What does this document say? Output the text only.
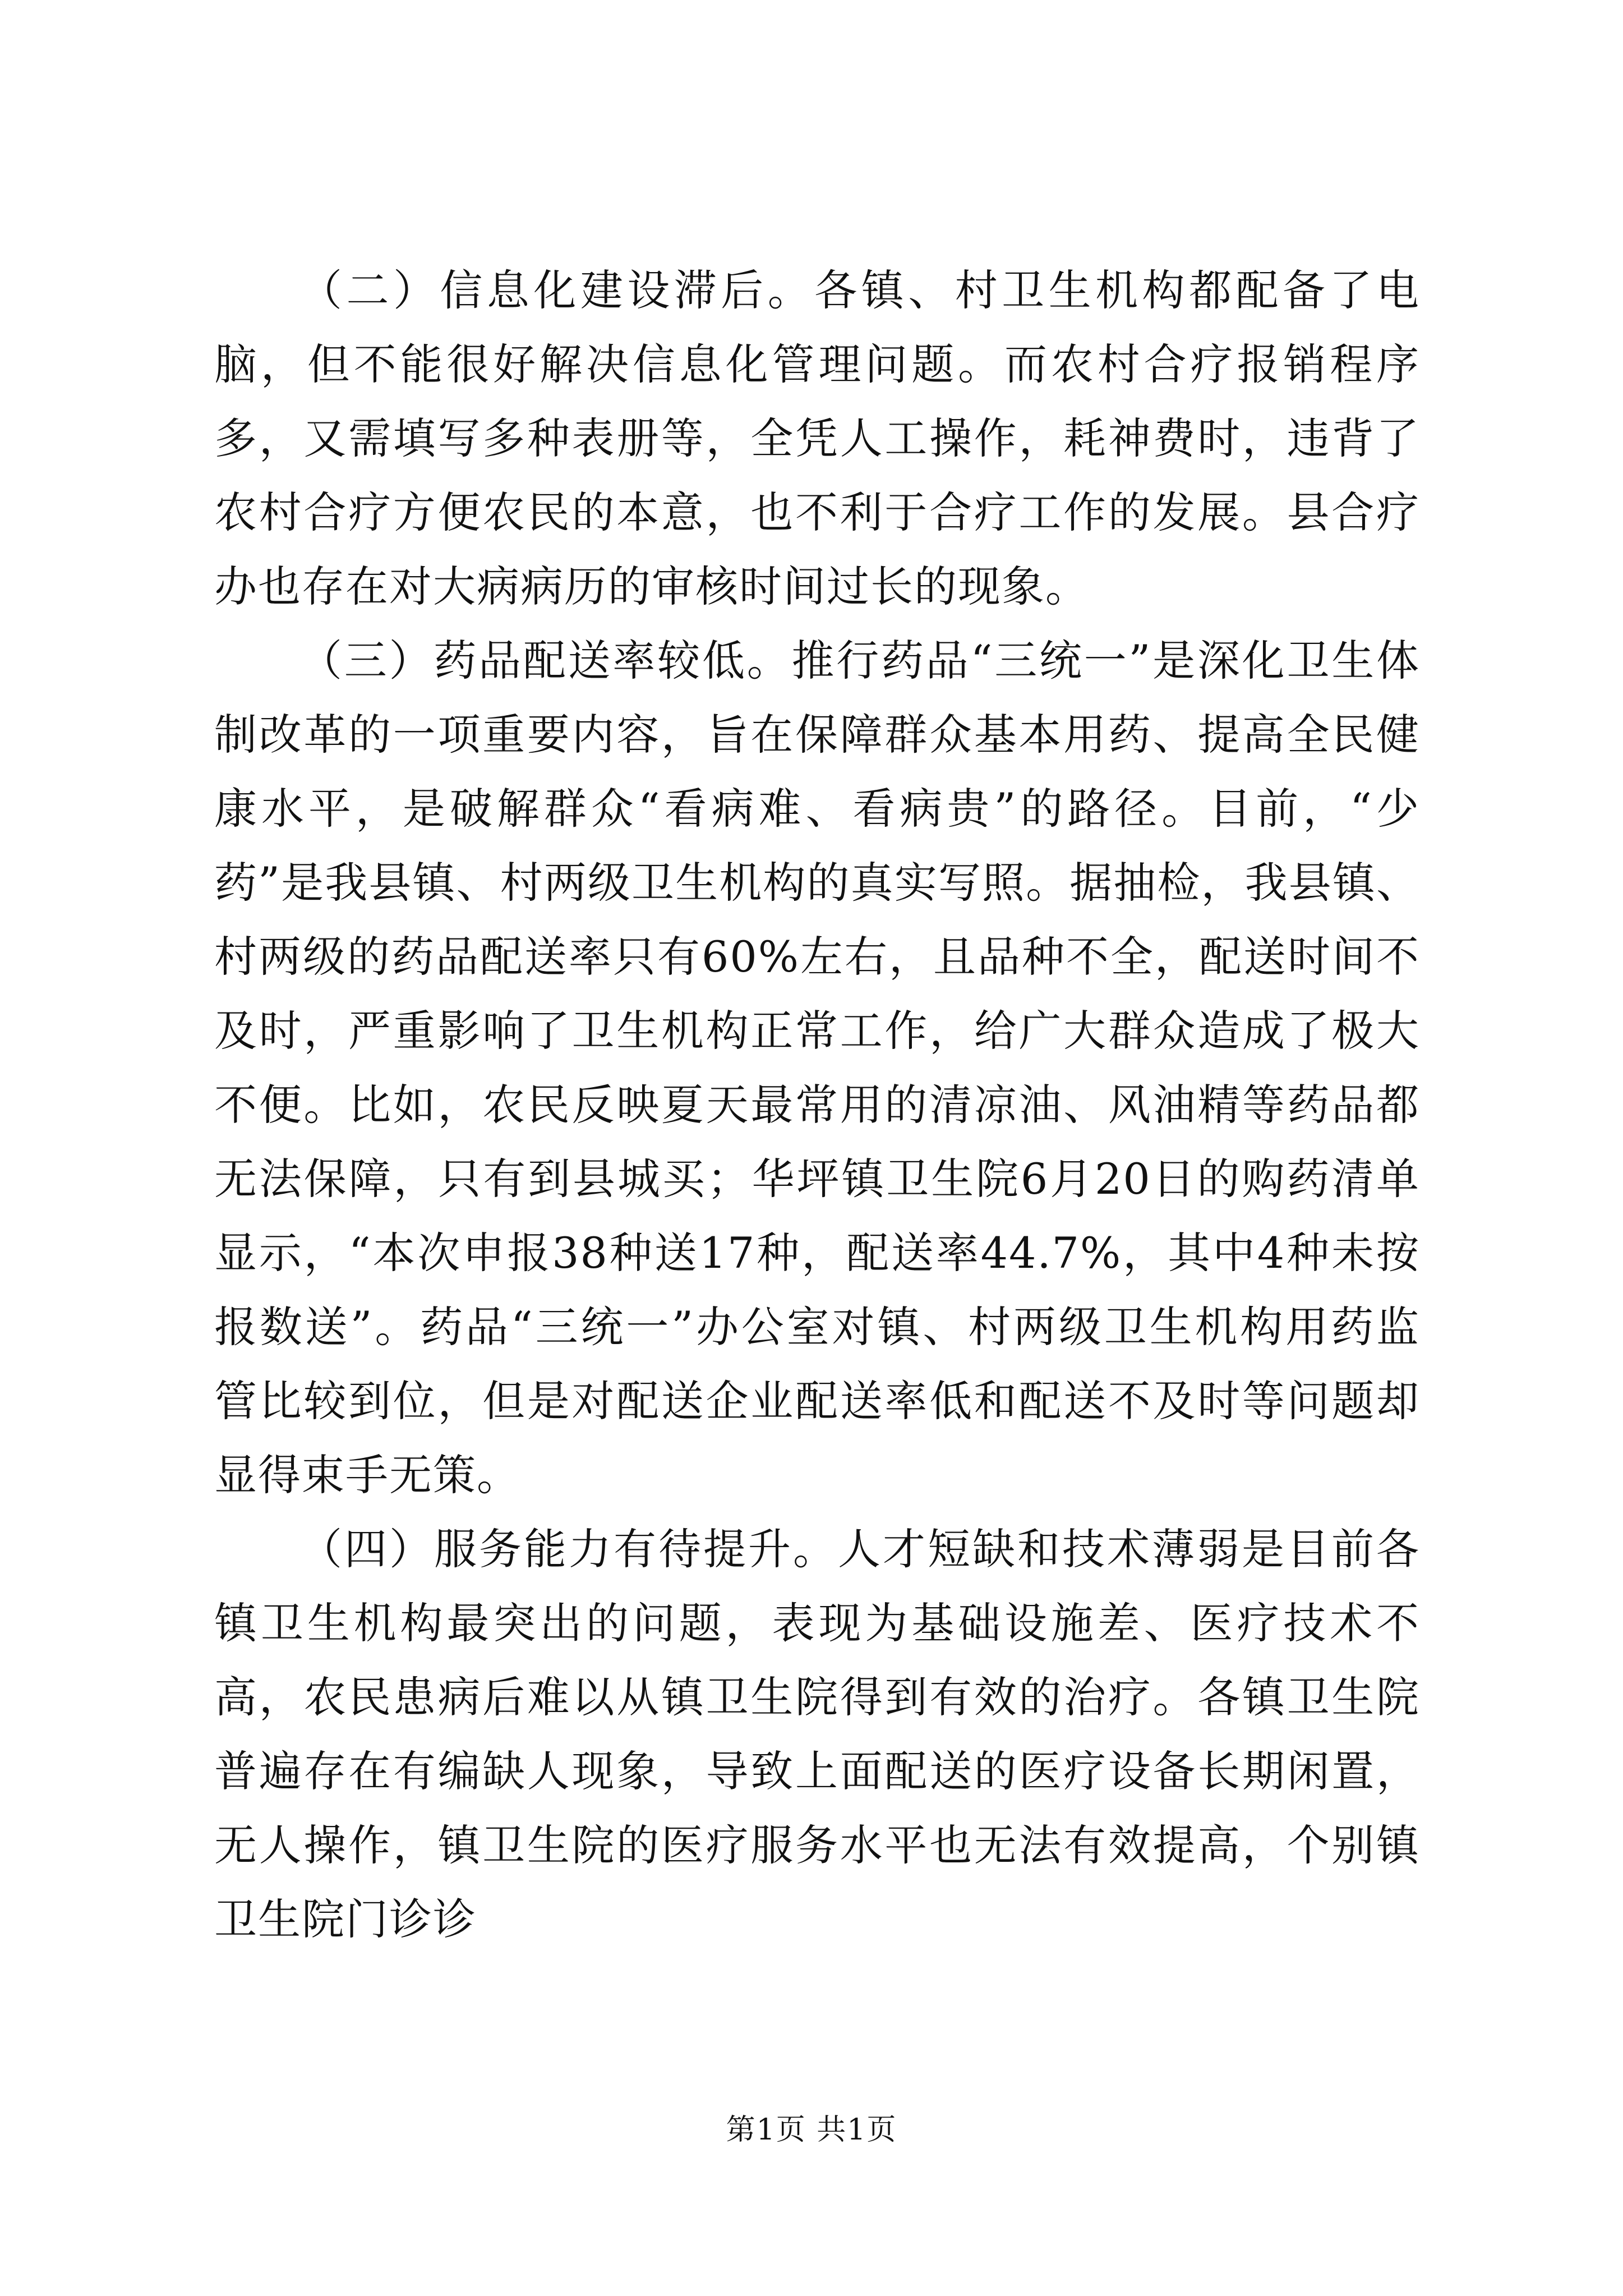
（二）信息化建设滞后。各镇、村卫生机构都配备了电脑，但不能很好解决信息化管理问题。而农村合疗报销程序多，又需填写多种表册等，全凭人工操作，耗神费时，违背了农村合疗方便农民的本意，也不利于合疗工作的发展。县合疗办也存在对大病病历的审核时间过长的现象。

（三）药品配送率较低。推行药品“三统一”是深化卫生体制改革的一项重要内容，旨在保障群众基本用药、提高全民健康水平，是破解群众“看病难、看病贵”的路径。目前，“少药”是我县镇、村两级卫生机构的真实写照。据抽检，我县镇、村两级的药品配送率只有60%左右，且品种不全，配送时间不及时，严重影响了卫生机构正常工作，给广大群众造成了极大不便。比如，农民反映夏天最常用的清凉油、风油精等药品都无法保障，只有到县城买；华坪镇卫生院6月20日的购药清单显示，“本次申报38种送17种，配送率44.7%，其中4种未按报数送”。药品“三统一”办公室对镇、村两级卫生机构用药监管比较到位，但是对配送企业配送率低和配送不及时等问题却显得束手无策。

（四）服务能力有待提升。人才短缺和技术薄弱是目前各镇卫生机构最突出的问题，表现为基础设施差、医疗技术不高，农民患病后难以从镇卫生院得到有效的治疗。各镇卫生院普遍存在有编缺人现象，导致上面配送的医疗设备长期闲置，无人操作，镇卫生院的医疗服务水平也无法有效提高，个别镇卫生院门诊诊

第1页 共1页
